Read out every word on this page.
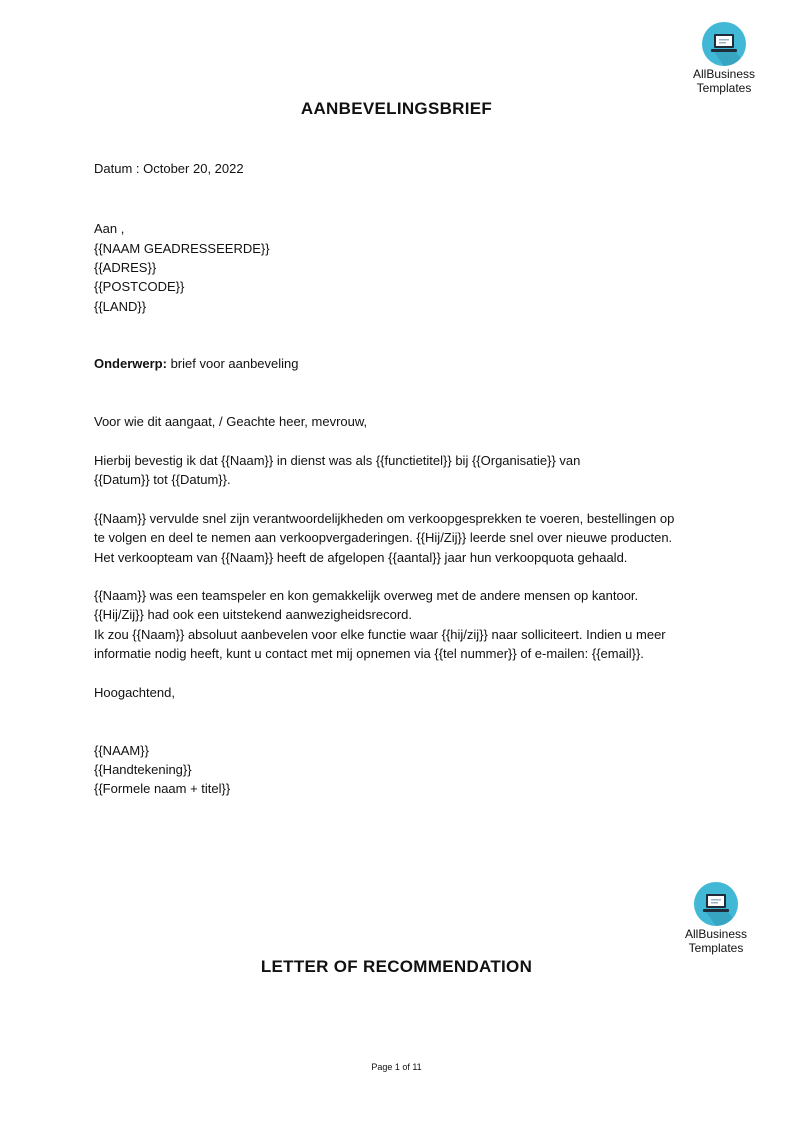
AllBusiness
Templates
AANBEVELINGSBRIEF
Datum : October 20, 2022
Aan ,
{{NAAM GEADRESSEERDE}}
{{ADRES}}
{{POSTCODE}}
{{LAND}}
Onderwerp: brief voor aanbeveling
Voor wie dit aangaat, / Geachte heer, mevrouw,
Hierbij bevestig ik dat {{Naam}} in dienst was als {{functietitel}} bij {{Organisatie}} van
{{Datum}} tot {{Datum}}.
{{Naam}} vervulde snel zijn verantwoordelijkheden om verkoopgesprekken te voeren, bestellingen op
te volgen en deel te nemen aan verkoopvergaderingen. {{Hij/Zij}} leerde snel over nieuwe producten.
Het verkoopteam van {{Naam}} heeft de afgelopen {{aantal}} jaar hun verkoopquota gehaald.
{{Naam}} was een teamspeler en kon gemakkelijk overweg met de andere mensen op kantoor.
{{Hij/Zij}} had ook een uitstekend aanwezigheidsrecord.
Ik zou {{Naam}} absoluut aanbevelen voor elke functie waar {{hij/zij}} naar solliciteert. Indien u meer
informatie nodig heeft, kunt u contact met mij opnemen via {{tel nummer}} of e-mailen: {{email}}.
Hoogachtend,
{{NAAM}}
{{Handtekening}}
{{Formele naam + titel}}
AllBusiness
Templates
LETTER OF RECOMMENDATION
Page 1 of 11
